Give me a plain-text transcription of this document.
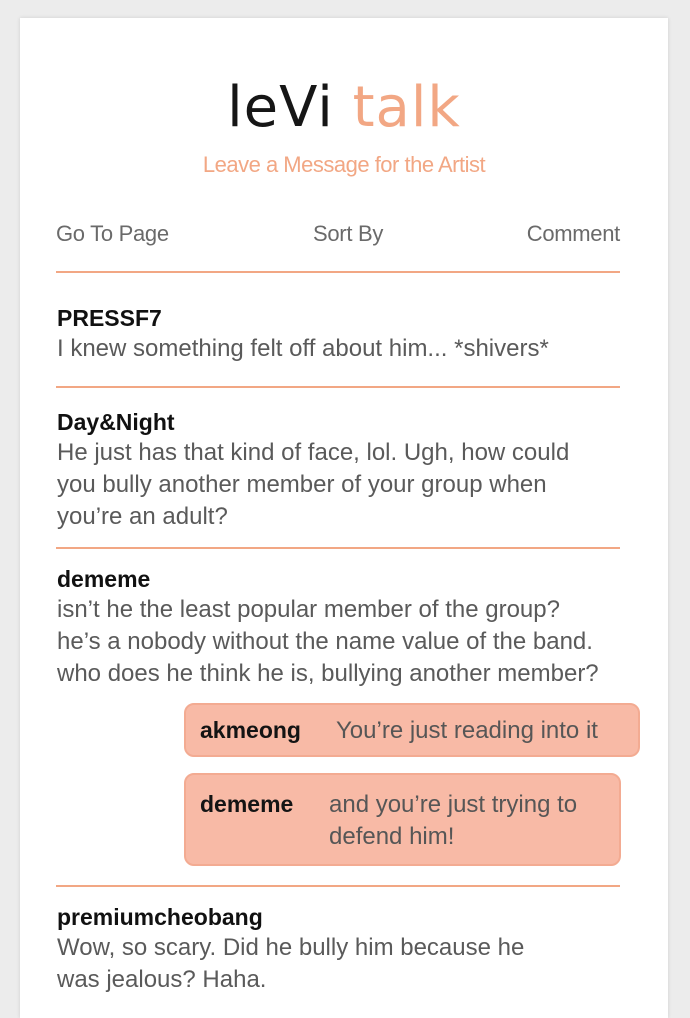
leVi talk
Leave a Message for the Artist
Go To Page	Sort By	Comment
PRESSF7
I knew something felt off about him... *shivers*
Day&Night
He just has that kind of face, lol. Ugh, how could
you bully another member of your group when
you’re an adult?
dememe
isn’t he the least popular member of the group?
he’s a nobody without the name value of the band.
who does he think he is, bullying another member?
akmeong You’re just reading into it
dememe and you’re just trying to
defend him!
premiumcheobang
Wow, so scary. Did he bully him because he
was jealous? Haha.
